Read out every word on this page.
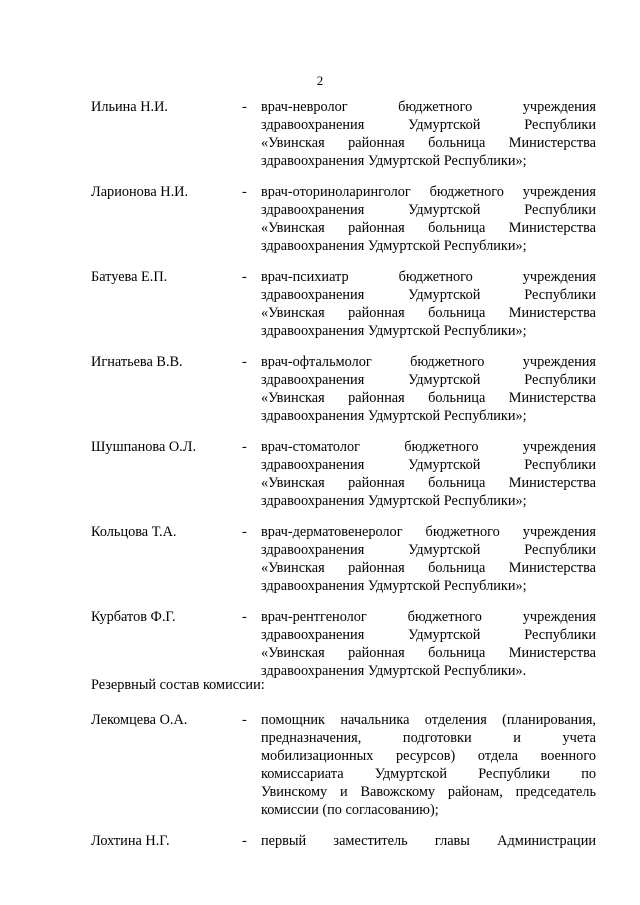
2
Ильина Н.И.	- врач-невролог бюджетного учреждения
здравоохранения Удмуртской Республики
«Увинская районная больница Министерства
здравоохранения Удмуртской Республики»;
Ларионова Н.И.	- врач-оториноларинголог бюджетного учреждения
здравоохранения Удмуртской Республики
«Увинская районная больница Министерства
здравоохранения Удмуртской Республики»;
Батуева Е.П.	- врач-психиатр бюджетного учреждения
здравоохранения Удмуртской Республики
«Увинская районная больница Министерства
здравоохранения Удмуртской Республики»;
Игнатьева В.В.	- врач-офтальмолог бюджетного учреждения
здравоохранения Удмуртской Республики
«Увинская районная больница Министерства
здравоохранения Удмуртской Республики»;
Шушпанова О.Л.	- врач-стоматолог бюджетного учреждения
здравоохранения Удмуртской Республики
«Увинская районная больница Министерства
здравоохранения Удмуртской Республики»;
Кольцова Т.А.	- врач-дерматовенеролог бюджетного учреждения
здравоохранения Удмуртской Республики
«Увинская районная больница Министерства
здравоохранения Удмуртской Республики»;
Курбатов Ф.Г.	- врач-рентгенолог бюджетного учреждения
здравоохранения Удмуртской Республики
«Увинская районная больница Министерства
здравоохранения Удмуртской Республики».
Резервный состав комиссии:
Лекомцева О.А.	- помощник начальника отделения (планирования,
предназначения, подготовки и учета
мобилизационных ресурсов) отдела военного
комиссариата Удмуртской Республики по
Увинскому и Вавожскому районам, председатель
комиссии (по согласованию);
Лохтина Н.Г.	- первый заместитель главы Администрации
